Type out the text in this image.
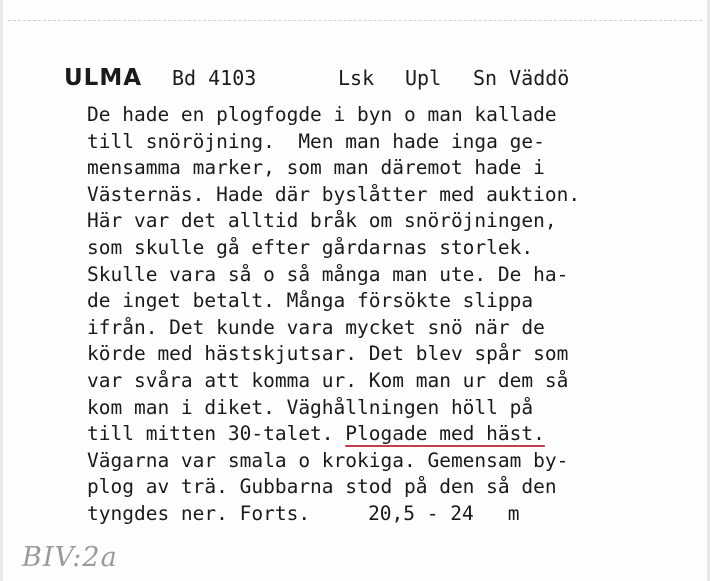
ULMA Bd 4103	Lsk Upl Sn Väddö
De hade en plogfogde i byn o man kallade
till snöröjning.  Men man hade inga ge-
mensamma marker, som man däremot hade i
Västernäs. Hade där byslåtter med auktion.
Här var det alltid bråk om snöröjningen,
som skulle gå efter gårdarnas storlek.
Skulle vara så o så många man ute. De ha-
de inget betalt. Många försökte slippa
ifrån. Det kunde vara mycket snö när de
körde med hästskjutsar. Det blev spår som
var svåra att komma ur. Kom man ur dem så
kom man i diket. Väghållningen höll på
till mitten 30-talet. Plogade med häst.
Vägarna var smala o krokiga. Gemensam by-
plog av trä. Gubbarna stod på den så den
tyngdes ner. Forts.	20,5 - 24 m
BIV:2a
